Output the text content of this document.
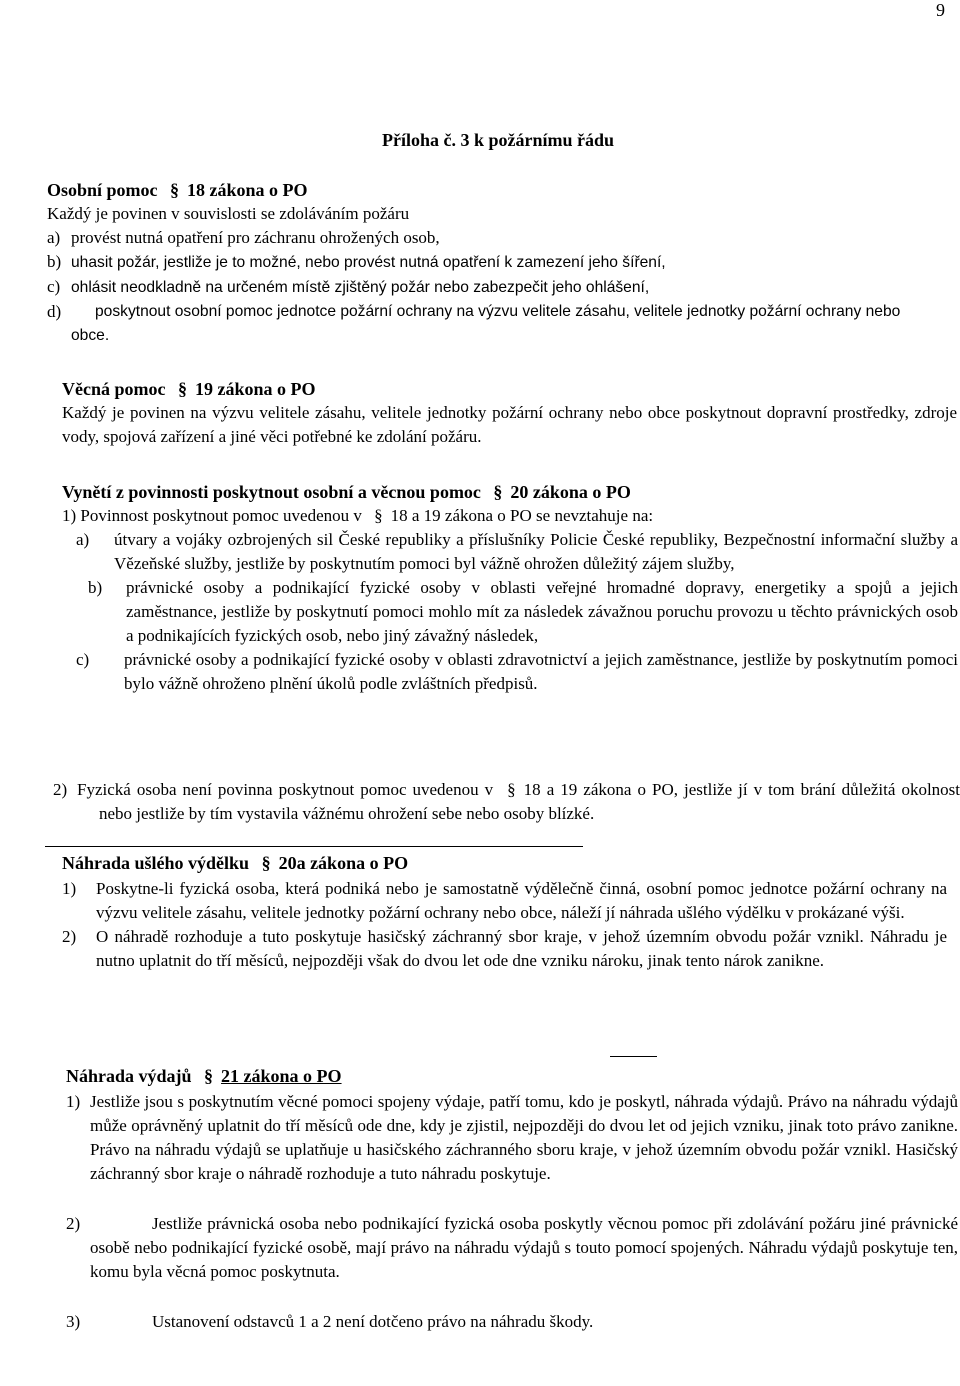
9
Příloha č. 3 k požárnímu řádu

Osobní pomoc § 18 zákona o PO

Každý je povinen v souvislosti se zdoláváním požáru

a) provést nutná opatření pro záchranu ohrožených osob,
b) uhasit požár, jestliže je to možné, nebo provést nutná opatření k zamezení jeho šíření,
c) ohlásit neodkladně na určeném místě zjištěný požár nebo zabezpečit jeho ohlášení,
d)	poskytnout osobní pomoc jednotce požární ochrany na výzvu velitele zásahu, velitele jednotky požární ochrany nebo obce.

Věcná pomoc § 19 zákona o PO

Každý je povinen na výzvu velitele zásahu, velitele jednotky požární ochrany nebo obce poskytnout dopravní prostředky, zdroje vody, spojová zařízení a jiné věci potřebné ke zdolání požáru.

Vynětí z povinnosti poskytnout osobní a věcnou pomoc § 20 zákona o PO

1) Povinnost poskytnout pomoc uvedenou v § 18 a 19 zákona o PO se nevztahuje na:

a) útvary a vojáky ozbrojených sil České republiky a příslušníky Policie České republiky, Bezpečnostní informační služby a Vězeňské služby, jestliže by poskytnutím pomoci byl vážně ohrožen důležitý zájem služby,
b) právnické osoby a podnikající fyzické osoby v oblasti veřejné hromadné dopravy, energetiky a spojů a jejich zaměstnance, jestliže by poskytnutí pomoci mohlo mít za následek závažnou poruchu provozu u těchto právnických osob a podnikajících fyzických osob, nebo jiný závažný následek,
c) právnické osoby a podnikající fyzické osoby v oblasti zdravotnictví a jejich zaměstnance, jestliže by poskytnutím pomoci bylo vážně ohroženo plnění úkolů podle zvláštních předpisů.
2) Fyzická osoba není povinna poskytnout pomoc uvedenou v § 18 a 19 zákona o PO, jestliže jí v tom brání důležitá okolnost nebo jestliže by tím vystavila vážnému ohrožení sebe nebo osoby blízké.

Náhrada ušlého výdělku § 20a zákona o PO

1) Poskytne-li fyzická osoba, která podniká nebo je samostatně výdělečně činná, osobní pomoc jednotce požární ochrany na výzvu velitele zásahu, velitele jednotky požární ochrany nebo obce, náleží jí náhrada ušlého výdělku v prokázané výši.
2) O náhradě rozhoduje a tuto poskytuje hasičský záchranný sbor kraje, v jehož územním obvodu požár vznikl. Náhradu je nutno uplatnit do tří měsíců, nejpozději však do dvou let ode dne vzniku nároku, jinak tento nárok zanikne.

Náhrada výdajů § 21 zákona o PO

1) Jestliže jsou s poskytnutím věcné pomoci spojeny výdaje, patří tomu, kdo je poskytl, náhrada výdajů. Právo na náhradu výdajů může oprávněný uplatnit do tří měsíců ode dne, kdy je zjistil, nejpozději do dvou let od jejich vzniku, jinak toto právo zanikne. Právo na náhradu výdajů se uplatňuje u hasičského záchranného sboru kraje, v jehož územním obvodu požár vznikl. Hasičský záchranný sbor kraje o náhradě rozhoduje a tuto náhradu poskytuje.
2)	Jestliže právnická osoba nebo podnikající fyzická osoba poskytly věcnou pomoc při zdolávání požáru jiné právnické osobě nebo podnikající fyzické osobě, mají právo na náhradu výdajů s touto pomocí spojených. Náhradu výdajů poskytuje ten, komu byla věcná pomoc poskytnuta.
3)	Ustanovení odstavců 1 a 2 není dotčeno právo na náhradu škody.
